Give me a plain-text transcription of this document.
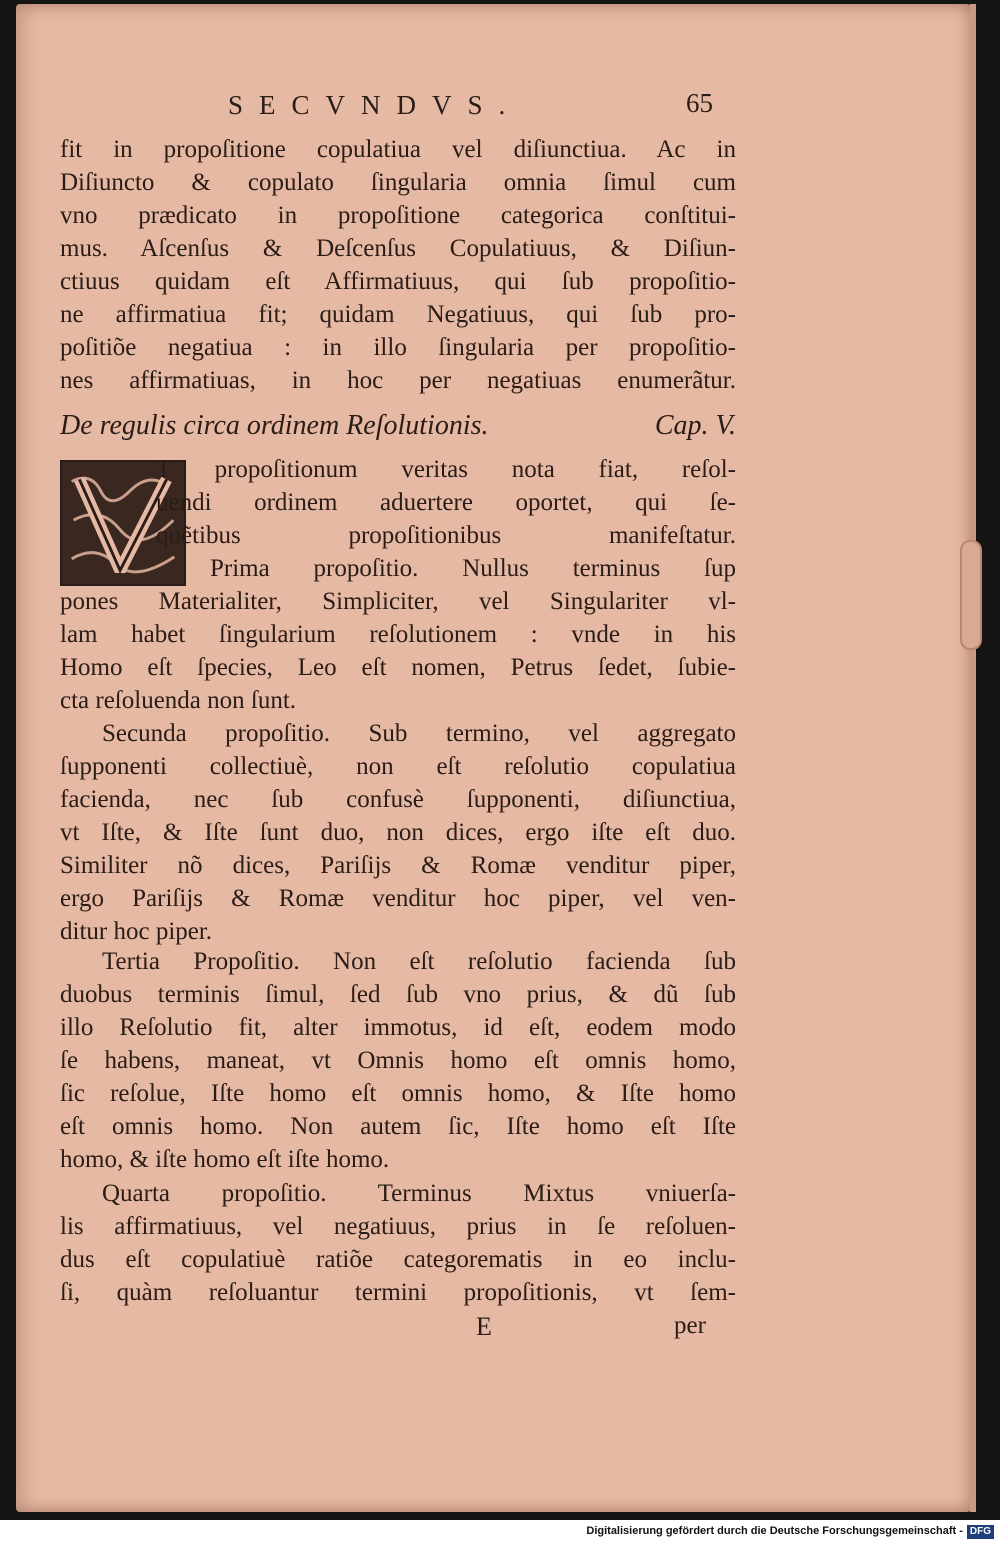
SECVNDVS.	65
fit in propoſitione copulatiua vel diſiunctiua. Ac in
Diſiuncto & copulato ſingularia omnia ſimul cum
vno prædicato in propoſitione categorica conſtitui-
mus. Aſcenſus & Deſcenſus Copulatiuus, & Diſiun-
ctiuus quidam eſt Affirmatiuus, qui ſub propoſitio-
ne affirmatiua fit; quidam Negatiuus, qui ſub pro-
poſitiõe negatiua : in illo ſingularia per propoſitio-
nes affirmatiuas, in hoc per negatiuas enumerãtur.
De regulis circa ordinem Reſolutionis.	Cap. V.
T propoſitionum veritas nota fiat, reſol-
uendi ordinem aduertere oportet, qui ſe-
quẽtibus propoſitionibus manifeſtatur.
Prima propoſitio. Nullus terminus ſup
pones Materialiter, Simpliciter, vel Singulariter vl-
lam habet ſingularium reſolutionem : vnde in his
Homo eſt ſpecies, Leo eſt nomen, Petrus ſedet, ſubie-
cta reſoluenda non ſunt.
Secunda propoſitio. Sub termino, vel aggregato
ſupponenti collectiuè, non eſt reſolutio copulatiua
facienda, nec ſub confusè ſupponenti, diſiunctiua,
vt Iſte, & Iſte ſunt duo, non dices, ergo iſte eſt duo.
Similiter nõ dices, Pariſijs & Romæ venditur piper,
ergo Pariſijs & Romæ venditur hoc piper, vel ven-
ditur hoc piper.
Tertia Propoſitio. Non eſt reſolutio facienda ſub
duobus terminis ſimul, ſed ſub vno prius, & dũ ſub
illo Reſolutio fit, alter immotus, id eſt, eodem modo
ſe habens, maneat, vt Omnis homo eſt omnis homo,
ſic reſolue, Iſte homo eſt omnis homo, & Iſte homo
eſt omnis homo. Non autem ſic, Iſte homo eſt Iſte
homo, & iſte homo eſt iſte homo.
Quarta propoſitio. Terminus Mixtus vniuerſa-
lis affirmatiuus, vel negatiuus, prius in ſe reſoluen-
dus eſt copulatiuè ratiõe categorematis in eo inclu-
ſi, quàm reſoluantur termini propoſitionis, vt ſem-
E	per
Digitalisierung gefördert durch die Deutsche Forschungsgemeinschaft - DFG
